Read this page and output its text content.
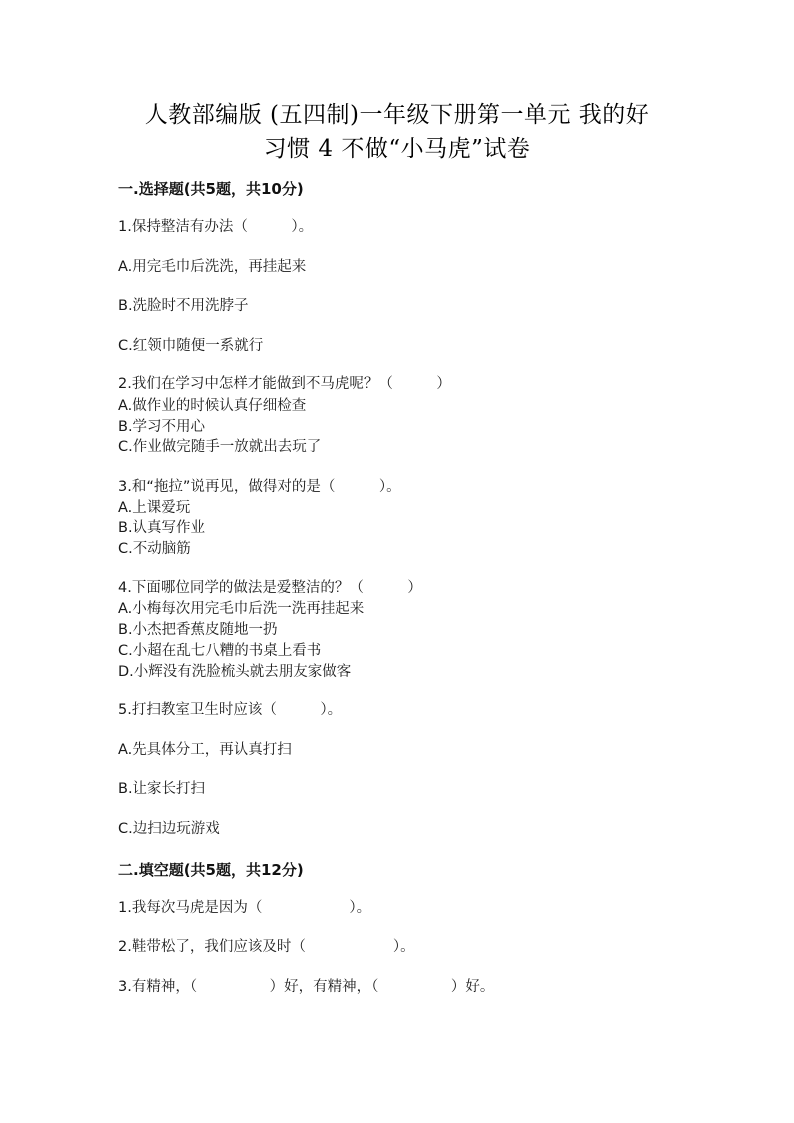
人教部编版 (五四制)一年级下册第一单元 我的好
习惯 4 不做“小马虎”试卷
一.选择题(共5题，共10分)
1.保持整洁有办法（　　　）。
A.用完毛巾后洗洗，再挂起来
B.洗脸时不用洗脖子
C.红领巾随便一系就行
2.我们在学习中怎样才能做到不马虎呢？（　　　）
A.做作业的时候认真仔细检查
B.学习不用心
C.作业做完随手一放就出去玩了
3.和“拖拉”说再见，做得对的是（　　　）。
A.上课爱玩
B.认真写作业
C.不动脑筋
4.下面哪位同学的做法是爱整洁的？（　　　）
A.小梅每次用完毛巾后洗一洗再挂起来
B.小杰把香蕉皮随地一扔
C.小超在乱七八糟的书桌上看书
D.小辉没有洗脸梳头就去朋友家做客
5.打扫教室卫生时应该（　　　）。
A.先具体分工，再认真打扫
B.让家长打扫
C.边扫边玩游戏
二.填空题(共5题，共12分)
1.我每次马虎是因为（　　　　　　）。
2.鞋带松了，我们应该及时（　　　　　　）。
3.有精神，（　　　　　）好，有精神，（　　　　　）好。
